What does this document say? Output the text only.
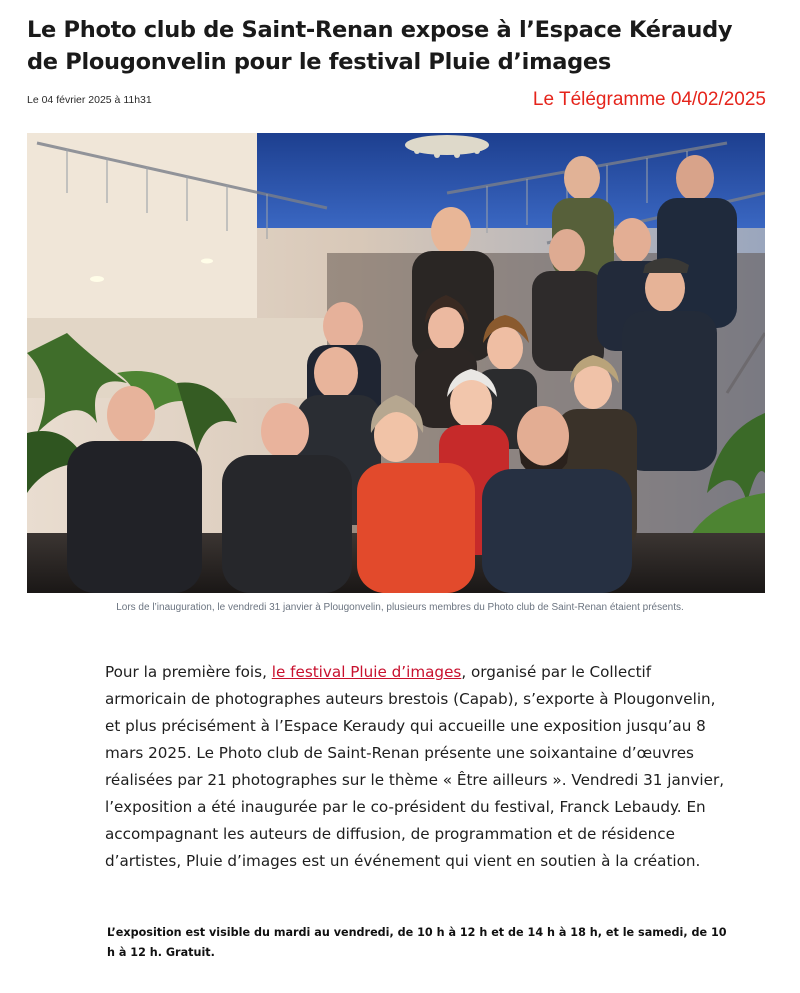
Le Photo club de Saint-Renan expose à l’Espace Kéraudy de Plougonvelin pour le festival Pluie d’images
Le 04 février 2025 à 11h31	Le Télégramme 04/02/2025
Lors de l’inauguration, le vendredi 31 janvier à Plougonvelin, plusieurs membres du Photo club de Saint-Renan étaient présents.

Pour la première fois, le festival Pluie d’images, organisé par le Collectif armoricain de photographes auteurs brestois (Capab), s’exporte à Plougonvelin, et plus précisément à l’Espace Keraudy qui accueille une exposition jusqu’au 8 mars 2025. Le Photo club de Saint-Renan présente une soixantaine d’œuvres réalisées par 21 photographes sur le thème « Être ailleurs ». Vendredi 31 janvier, l’exposition a été inaugurée par le co-président du festival, Franck Lebaudy. En accompagnant les auteurs de diffusion, de programmation et de résidence d’artistes, Pluie d’images est un événement qui vient en soutien à la création.

L’exposition est visible du mardi au vendredi, de 10 h à 12 h et de 14 h à 18 h, et le samedi, de 10 h à 12 h. Gratuit.
